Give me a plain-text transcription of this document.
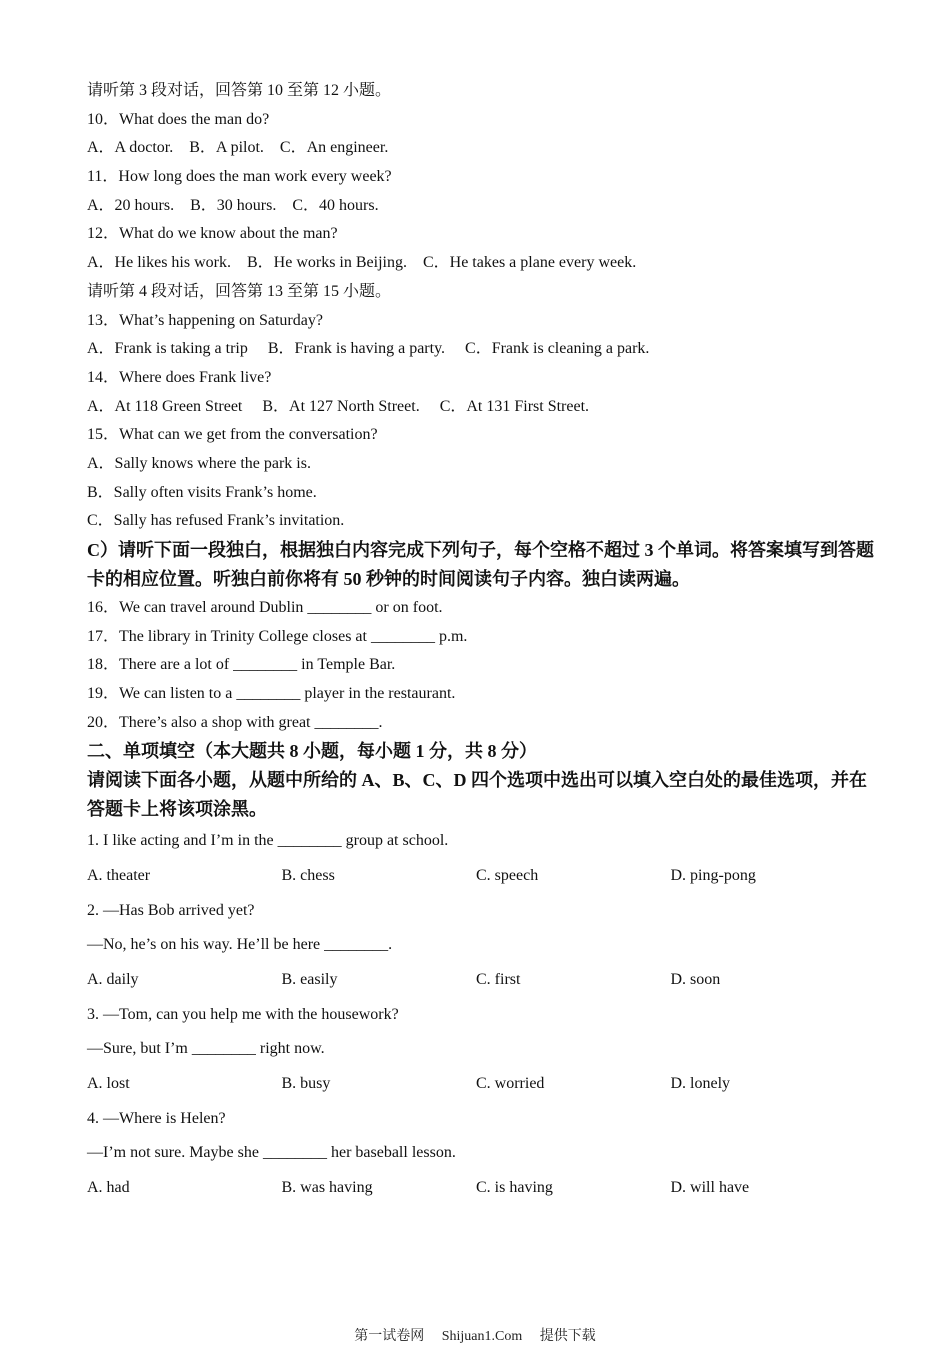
请听第 3 段对话，回答第 10 至第 12 小题。
10．What does the man do?
A．A doctor.    B．A pilot.    C．An engineer.
11．How long does the man work every week?
A．20 hours.    B．30 hours.    C．40 hours.
12．What do we know about the man?
A．He likes his work.    B．He works in Beijing.    C．He takes a plane every week.
请听第 4 段对话，回答第 13 至第 15 小题。
13．What’s happening on Saturday?
A．Frank is taking a trip     B．Frank is having a party.     C．Frank is cleaning a park.
14．Where does Frank live?
A．At 118 Green Street     B．At 127 North Street.     C．At 131 First Street.
15．What can we get from the conversation?
A．Sally knows where the park is.
B．Sally often visits Frank’s home.
C．Sally has refused Frank’s invitation.
C）请听下面一段独白，根据独白内容完成下列句子，每个空格不超过 3 个单词。将答案填写到答题卡的相应位置。听独白前你将有 50 秒钟的时间阅读句子内容。独白读两遍。
16．We can travel around Dublin ________ or on foot.
17．The library in Trinity College closes at ________ p.m.
18．There are a lot of ________ in Temple Bar.
19．We can listen to a ________ player in the restaurant.
20．There’s also a shop with great ________.
二、单项填空（本大题共 8 小题，每小题 1 分，共 8 分）
请阅读下面各小题，从题中所给的 A、B、C、D 四个选项中选出可以填入空白处的最佳选项，并在答题卡上将该项涂黑。
1. I like acting and I’m in the ________ group at school.
A. theater	B. chess	C. speech	D. ping-pong
2. —Has Bob arrived yet?
—No, he’s on his way. He’ll be here ________.
A. daily	B. easily	C. first	D. soon
3. —Tom, can you help me with the housework?
—Sure, but I’m ________ right now.
A. lost	B. busy	C. worried	D. lonely
4. —Where is Helen?
—I’m not sure. Maybe she ________ her baseball lesson.
A. had	B. was having	C. is having	D. will have
第一试卷网 Shijuan1.Com 提供下载
